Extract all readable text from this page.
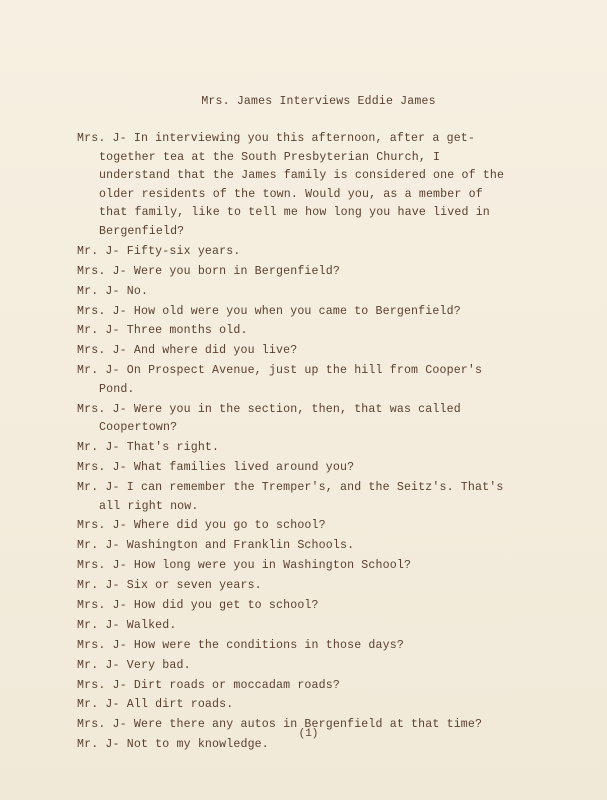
Mrs. James Interviews Eddie James
Mrs. J- In interviewing you this afternoon, after a get-together tea at the South Presbyterian Church, I understand that the James family is considered one of the older residents of the town. Would you, as a member of that family, like to tell me how long you have lived in Bergenfield?
Mr. J- Fifty-six years.
Mrs. J- Were you born in Bergenfield?
Mr. J- No.
Mrs. J- How old were you when you came to Bergenfield?
Mr. J- Three months old.
Mrs. J- And where did you live?
Mr. J- On Prospect Avenue, just up the hill from Cooper's Pond.
Mrs. J- Were you in the section, then, that was called Coopertown?
Mr. J- That's right.
Mrs. J- What families lived around you?
Mr. J- I can remember the Tremper's, and the Seitz's. That's all right now.
Mrs. J- Where did you go to school?
Mr. J- Washington and Franklin Schools.
Mrs. J- How long were you in Washington School?
Mr. J- Six or seven years.
Mrs. J- How did you get to school?
Mr. J- Walked.
Mrs. J- How were the conditions in those days?
Mr. J- Very bad.
Mrs. J- Dirt roads or moccadam roads?
Mr. J- All dirt roads.
Mrs. J- Were there any autos in Bergenfield at that time?
Mr. J- Not to my knowledge.
(1)
